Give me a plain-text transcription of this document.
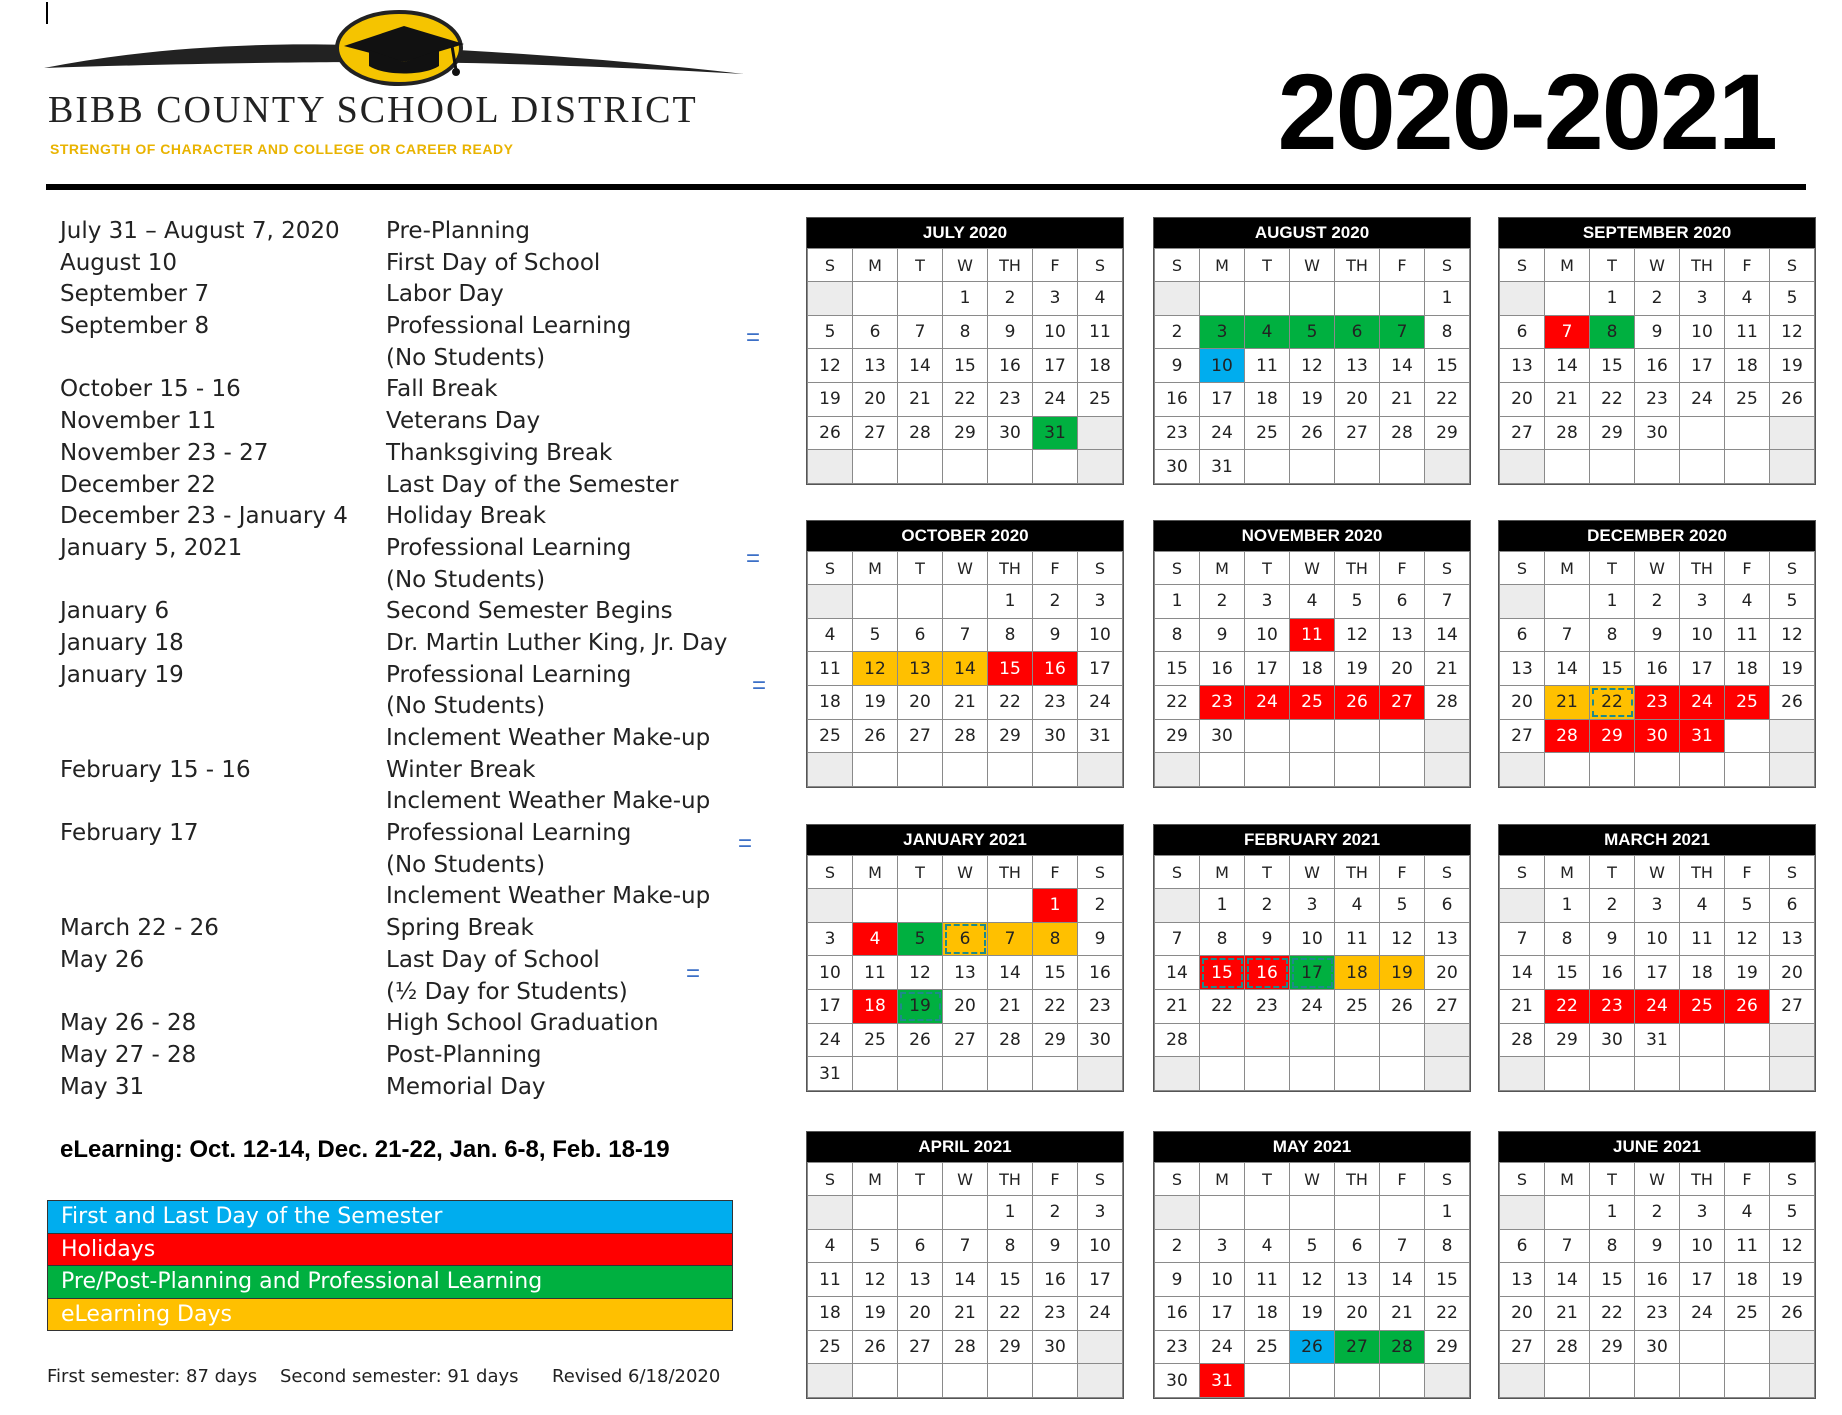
BIBB COUNTY SCHOOL DISTRICT
STRENGTH OF CHARACTER AND COLLEGE OR CAREER READY	2020-2021
July 31 – August 7, 2020 Pre-Planning
August 10	First Day of School
September 7	Labor Day
September 8	Professional Learning
(No Students)
October 15 - 16	Fall Break
November 11	Veterans Day
November 23 - 27	Thanksgiving Break
December 22	Last Day of the Semester
December 23 - January 4 Holiday Break
January 5, 2021	Professional Learning
(No Students)
January 6	Second Semester Begins
January 18	Dr. Martin Luther King, Jr. Day
January 19	Professional Learning
(No Students)
Inclement Weather Make-up
February 15 - 16	Winter Break
Inclement Weather Make-up
February 17	Professional Learning
(No Students)
Inclement Weather Make-up
March 22 - 26	Spring Break
May 26	Last Day of School
(½ Day for Students)
May 26 - 28	High School Graduation
May 27 - 28	Post-Planning
May 31	Memorial Day
=
=
=
=
=
eLearning: Oct. 12-14, Dec. 21-22, Jan. 6-8, Feb. 18-19
First and Last Day of the Semester
Holidays
Pre/Post-Planning and Professional Learning
eLearning Days
First semester: 87 days Second semester: 91 days Revised 6/18/2020
JULY 2020
S	M	T	W	TH	F	S
			1	2	3	4
5	6	7	8	9	10	11
12	13	14	15	16	17	18
19	20	21	22	23	24	25
26	27	28	29	30	31	

AUGUST 2020
S	M	T	W	TH	F	S
						1
2	3	4	5	6	7	8
9	10	11	12	13	14	15
16	17	18	19	20	21	22
23	24	25	26	27	28	29
30	31					
SEPTEMBER 2020
S	M	T	W	TH	F	S
		1	2	3	4	5
6	7	8	9	10	11	12
13	14	15	16	17	18	19
20	21	22	23	24	25	26
27	28	29	30			

OCTOBER 2020
S	M	T	W	TH	F	S
				1	2	3
4	5	6	7	8	9	10
11	12	13	14	15	16	17
18	19	20	21	22	23	24
25	26	27	28	29	30	31

NOVEMBER 2020
S	M	T	W	TH	F	S
1	2	3	4	5	6	7
8	9	10	11	12	13	14
15	16	17	18	19	20	21
22	23	24	25	26	27	28
29	30					

DECEMBER 2020
S	M	T	W	TH	F	S
		1	2	3	4	5
6	7	8	9	10	11	12
13	14	15	16	17	18	19
20	21	22	23	24	25	26
27	28	29	30	31		

JANUARY 2021
S	M	T	W	TH	F	S
					1	2
3	4	5	6	7	8	9
10	11	12	13	14	15	16
17	18	19	20	21	22	23
24	25	26	27	28	29	30
31						
FEBRUARY 2021
S	M	T	W	TH	F	S
	1	2	3	4	5	6
7	8	9	10	11	12	13
14	15	16	17	18	19	20
21	22	23	24	25	26	27
28						

MARCH 2021
S	M	T	W	TH	F	S
	1	2	3	4	5	6
7	8	9	10	11	12	13
14	15	16	17	18	19	20
21	22	23	24	25	26	27
28	29	30	31			

APRIL 2021
S	M	T	W	TH	F	S
				1	2	3
4	5	6	7	8	9	10
11	12	13	14	15	16	17
18	19	20	21	22	23	24
25	26	27	28	29	30	

MAY 2021
S	M	T	W	TH	F	S
						1
2	3	4	5	6	7	8
9	10	11	12	13	14	15
16	17	18	19	20	21	22
23	24	25	26	27	28	29
30	31					
JUNE 2021
S	M	T	W	TH	F	S
		1	2	3	4	5
6	7	8	9	10	11	12
13	14	15	16	17	18	19
20	21	22	23	24	25	26
27	28	29	30			
